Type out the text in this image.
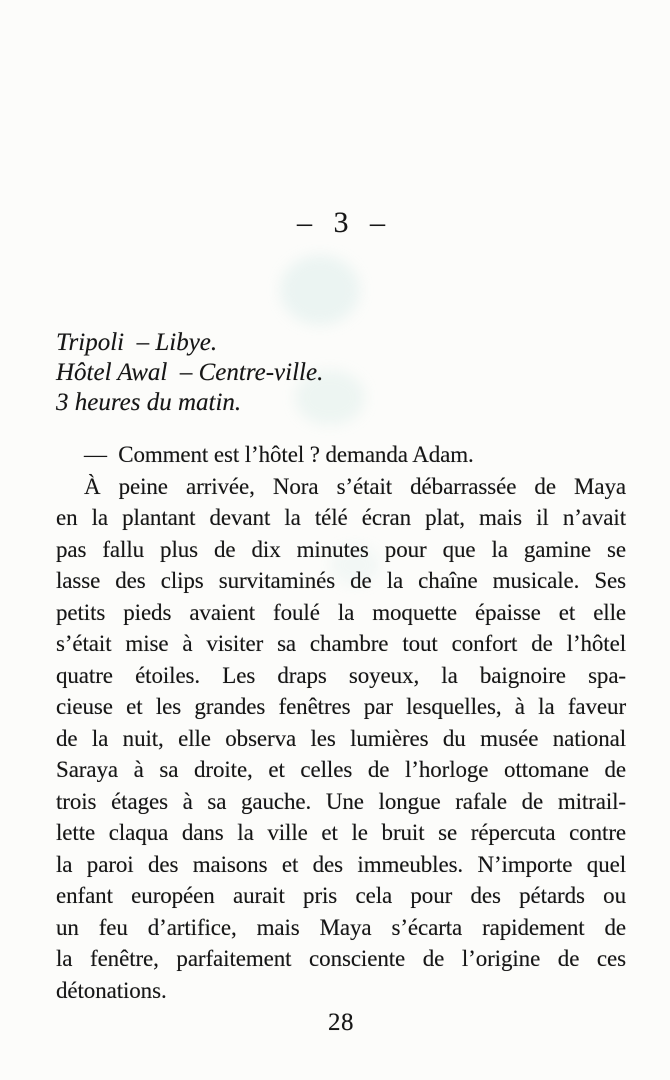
– 3 –
Tripoli  – Libye.
Hôtel Awal  – Centre-ville.
3 heures du matin.
—  Comment est l’hôtel ? demanda Adam.
À peine arrivée, Nora s’était débarrassée de Maya
en la plantant devant la télé écran plat, mais il n’avait
pas fallu plus de dix minutes pour que la gamine se
lasse des clips survitaminés de la chaîne musicale. Ses
petits pieds avaient foulé la moquette épaisse et elle
s’était mise à visiter sa chambre tout confort de l’hôtel
quatre étoiles. Les draps soyeux, la baignoire spa-
cieuse et les grandes fenêtres par lesquelles, à la faveur
de la nuit, elle observa les lumières du musée national
Saraya à sa droite, et celles de l’horloge ottomane de
trois étages à sa gauche. Une longue rafale de mitrail-
lette claqua dans la ville et le bruit se répercuta contre
la paroi des maisons et des immeubles. N’importe quel
enfant européen aurait pris cela pour des pétards ou
un feu d’artifice, mais Maya s’écarta rapidement de
la fenêtre, parfaitement consciente de l’origine de ces
détonations.
28
